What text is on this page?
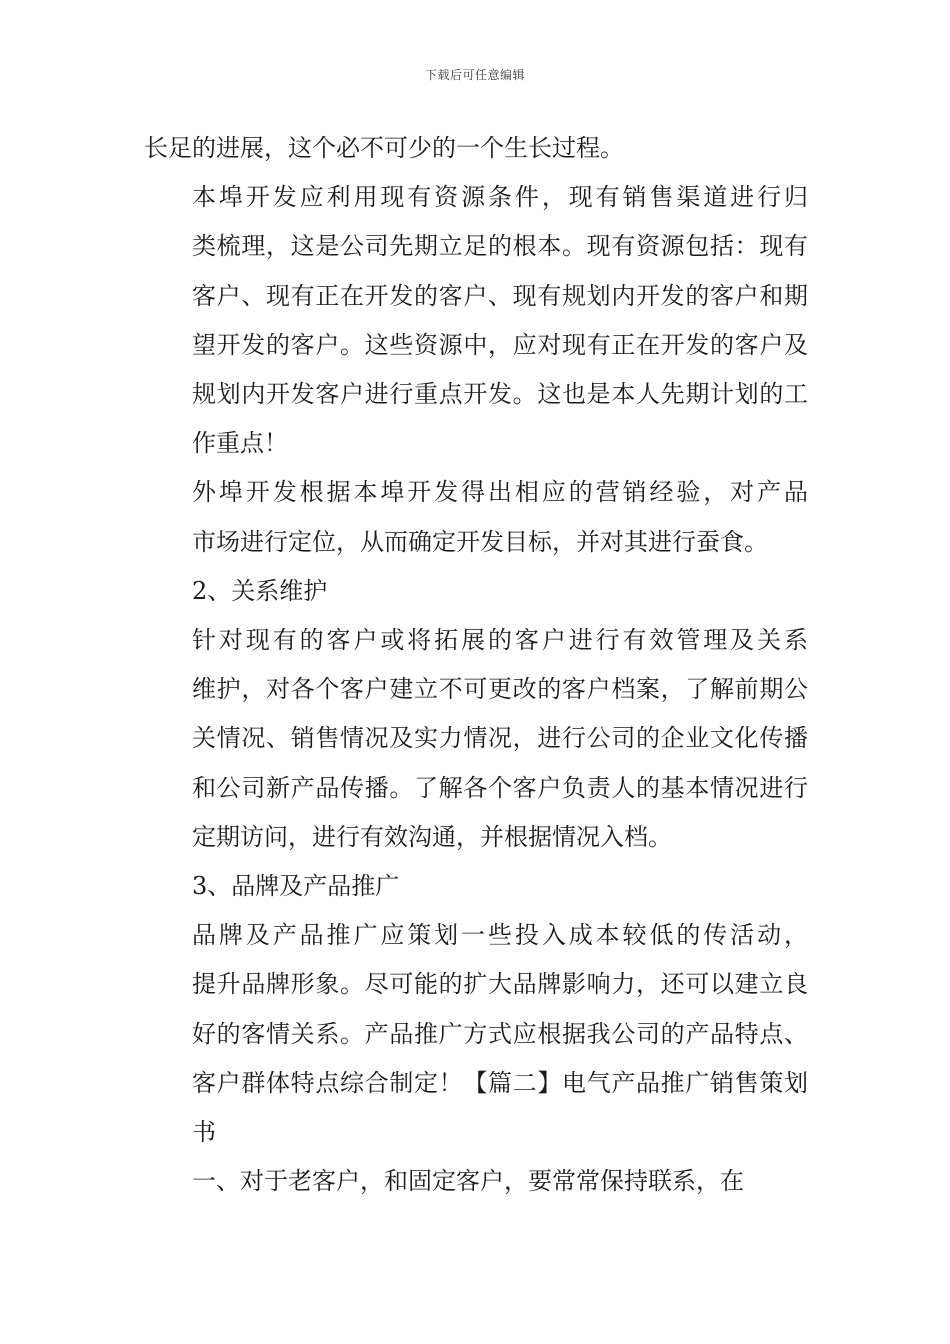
下载后可任意编辑

长足的进展，这个必不可少的一个生长过程。

本埠开发应利用现有资源条件，现有销售渠道进行归
类梳理，这是公司先期立足的根本。现有资源包括：现有
客户、现有正在开发的客户、现有规划内开发的客户和期
望开发的客户。这些资源中，应对现有正在开发的客户及
规划内开发客户进行重点开发。这也是本人先期计划的工
作重点！

外埠开发根据本埠开发得出相应的营销经验，对产品
市场进行定位，从而确定开发目标，并对其进行蚕食。

2、关系维护

针对现有的客户或将拓展的客户进行有效管理及关系
维护，对各个客户建立不可更改的客户档案，了解前期公
关情况、销售情况及实力情况，进行公司的企业文化传播
和公司新产品传播。了解各个客户负责人的基本情况进行
定期访问，进行有效沟通，并根据情况入档。

3、品牌及产品推广

品牌及产品推广应策划一些投入成本较低的传活动，
提升品牌形象。尽可能的扩大品牌影响力，还可以建立良
好的客情关系。产品推广方式应根据我公司的产品特点、
客户群体特点综合制定！【篇二】电气产品推广销售策划
书

一、对于老客户，和固定客户，要常常保持联系，在
